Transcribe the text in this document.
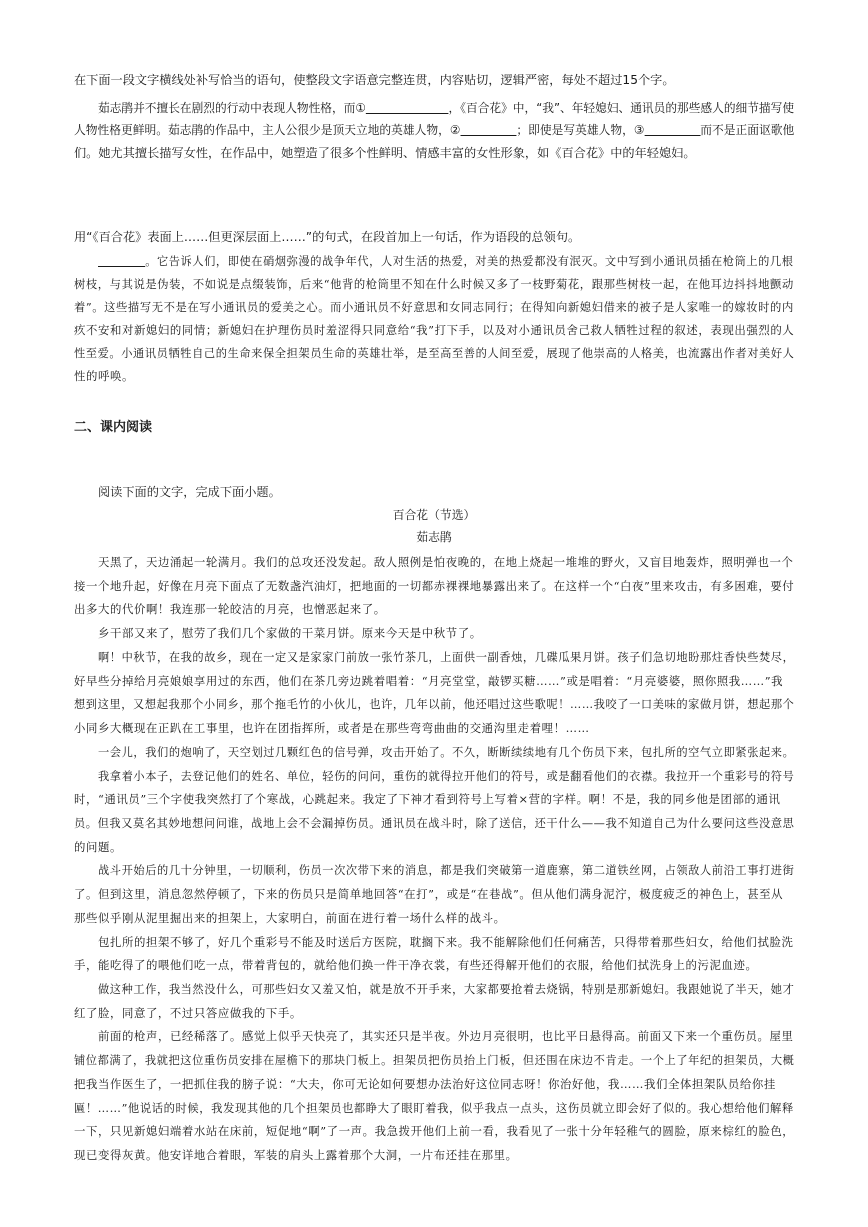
在下面一段文字横线处补写恰当的语句，使整段文字语意完整连贯，内容贴切，逻辑严密，每处不超过15个字。
茹志鹃并不擅长在剧烈的行动中表现人物性格，而①	，《百合花》中，“我”、年轻媳妇、通讯员的那些感人的细节描写使
人物性格更鲜明。茹志鹃的作品中，主人公很少是顶天立地的英雄人物，②	；即使是写英雄人物，③	而不是正面讴歌他
们。她尤其擅长描写女性，在作品中，她塑造了很多个性鲜明、情感丰富的女性形象，如《百合花》中的年轻媳妇。
用“《百合花》表面上……但更深层面上……”的句式，在段首加上一句话，作为语段的总领句。
。它告诉人们，即使在硝烟弥漫的战争年代，人对生活的热爱，对美的热爱都没有泯灭。文中写到小通讯员插在枪筒上的几根
树枝，与其说是伪装，不如说是点缀装饰，后来“他背的枪筒里不知在什么时候又多了一枝野菊花，跟那些树枝一起，在他耳边抖抖地颤动
着”。这些描写无不是在写小通讯员的爱美之心。而小通讯员不好意思和女同志同行；在得知向新媳妇借来的被子是人家唯一的嫁妆时的内
疚不安和对新媳妇的同情；新媳妇在护理伤员时羞涩得只同意给“我”打下手，以及对小通讯员舍己救人牺牲过程的叙述，表现出强烈的人
性至爱。小通讯员牺牲自己的生命来保全担架员生命的英雄壮举，是至高至善的人间至爱，展现了他崇高的人格美，也流露出作者对美好人
性的呼唤。
二、课内阅读
阅读下面的文字，完成下面小题。
百合花（节选）
茹志鹃
天黑了，天边涌起一轮满月。我们的总攻还没发起。敌人照例是怕夜晚的，在地上烧起一堆堆的野火，又盲目地轰炸，照明弹也一个
接一个地升起，好像在月亮下面点了无数盏汽油灯，把地面的一切都赤裸裸地暴露出来了。在这样一个“白夜”里来攻击，有多困难，要付
出多大的代价啊！我连那一轮皎洁的月亮，也憎恶起来了。
乡干部又来了，慰劳了我们几个家做的干菜月饼。原来今天是中秋节了。
啊！中秋节，在我的故乡，现在一定又是家家门前放一张竹茶几，上面供一副香烛，几碟瓜果月饼。孩子们急切地盼那炷香快些焚尽，
好早些分掉给月亮娘娘享用过的东西，他们在茶几旁边跳着唱着：“月亮堂堂，敲锣买糖……”或是唱着：“月亮婆婆，照你照我……”我
想到这里，又想起我那个小同乡，那个拖毛竹的小伙儿，也许，几年以前，他还唱过这些歌呢！……我咬了一口美味的家做月饼，想起那个
小同乡大概现在正趴在工事里，也许在团指挥所，或者是在那些弯弯曲曲的交通沟里走着哩！……
一会儿，我们的炮响了，天空划过几颗红色的信号弹，攻击开始了。不久，断断续续地有几个伤员下来，包扎所的空气立即紧张起来。
我拿着小本子，去登记他们的姓名、单位，轻伤的问问，重伤的就得拉开他们的符号，或是翻看他们的衣襟。我拉开一个重彩号的符号
时，“通讯员”三个字使我突然打了个寒战，心跳起来。我定了下神才看到符号上写着×营的字样。啊！不是，我的同乡他是团部的通讯
员。但我又莫名其妙地想问问谁，战地上会不会漏掉伤员。通讯员在战斗时，除了送信，还干什么——我不知道自己为什么要问这些没意思
的问题。
战斗开始后的几十分钟里，一切顺利，伤员一次次带下来的消息，都是我们突破第一道鹿寨，第二道铁丝网，占领敌人前沿工事打进街
了。但到这里，消息忽然停顿了，下来的伤员只是简单地回答“在打”，或是“在巷战”。但从他们满身泥泞，极度疲乏的神色上，甚至从
那些似乎刚从泥里掘出来的担架上，大家明白，前面在进行着一场什么样的战斗。
包扎所的担架不够了，好几个重彩号不能及时送后方医院，耽搁下来。我不能解除他们任何痛苦，只得带着那些妇女，给他们拭脸洗
手，能吃得了的喂他们吃一点，带着背包的，就给他们换一件干净衣裳，有些还得解开他们的衣服，给他们拭洗身上的污泥血迹。
做这种工作，我当然没什么，可那些妇女又羞又怕，就是放不开手来，大家都要抢着去烧锅，特别是那新媳妇。我跟她说了半天，她才
红了脸，同意了，不过只答应做我的下手。
前面的枪声，已经稀落了。感觉上似乎天快亮了，其实还只是半夜。外边月亮很明，也比平日悬得高。前面又下来一个重伤员。屋里
铺位都满了，我就把这位重伤员安排在屋檐下的那块门板上。担架员把伤员抬上门板，但还围在床边不肯走。一个上了年纪的担架员，大概
把我当作医生了，一把抓住我的膀子说：“大夫，你可无论如何要想办法治好这位同志呀！你治好他，我……我们全体担架队员给你挂
匾！……”他说话的时候，我发现其他的几个担架员也都睁大了眼盯着我，似乎我点一点头，这伤员就立即会好了似的。我心想给他们解释
一下，只见新媳妇端着水站在床前，短促地“啊”了一声。我急拨开他们上前一看，我看见了一张十分年轻稚气的圆脸，原来棕红的脸色，
现已变得灰黄。他安详地合着眼，军装的肩头上露着那个大洞，一片布还挂在那里。
